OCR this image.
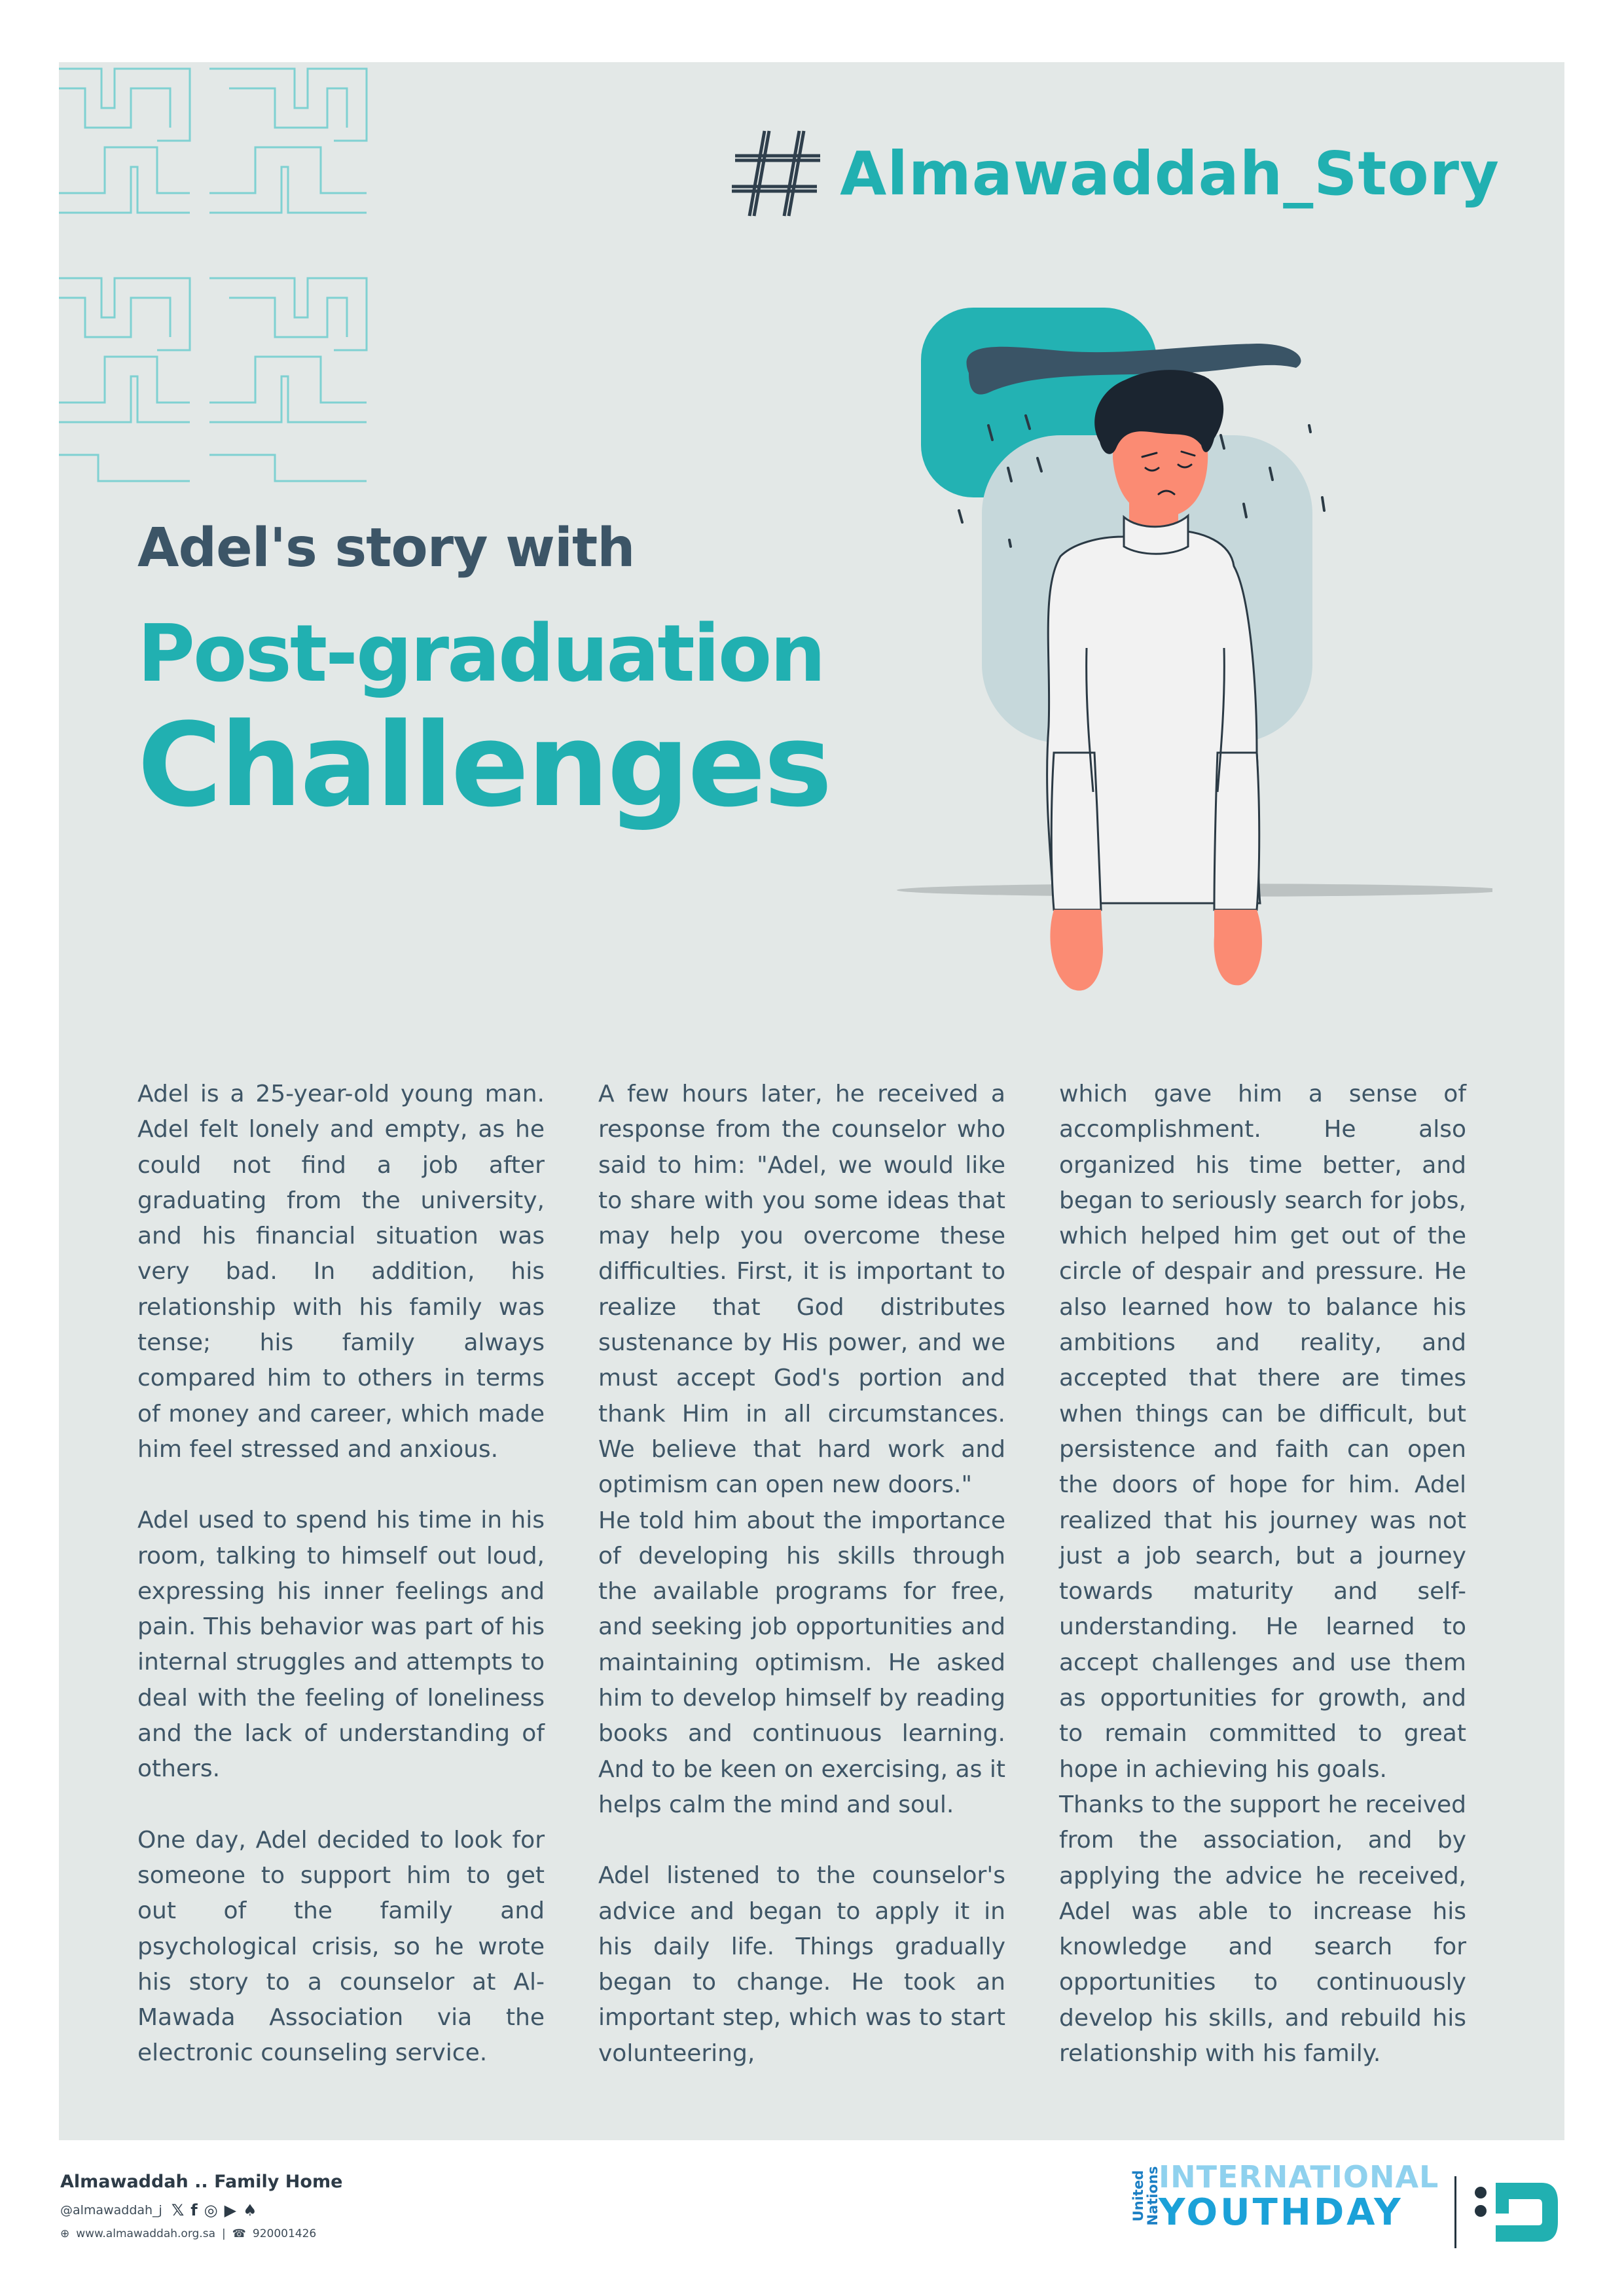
Almawaddah_Story

Adel's story with

Post-graduation

Challenges

Adel is a 25-year-old young man. Adel felt lonely and empty, as he could not find a job after graduating from the university, and his financial situation was very bad. In addition, his relationship with his family was tense; his family always compared him to others in terms of money and career, which made him feel stressed and anxious.

Adel used to spend his time in his room, talking to himself out loud, expressing his inner feelings and pain. This behavior was part of his internal struggles and attempts to deal with the feeling of loneliness and the lack of understanding of others.

One day, Adel decided to look for someone to support him to get out of the family and psychological crisis, so he wrote his story to a counselor at Al-Mawada Association via the electronic counseling service.

A few hours later, he received a response from the counselor who said to him: "Adel, we would like to share with you some ideas that may help you overcome these difficulties. First, it is important to realize that God distributes sustenance by His power, and we must accept God's portion and thank Him in all circumstances. We believe that hard work and optimism can open new doors."

He told him about the importance of developing his skills through the available programs for free, and seeking job opportunities and maintaining optimism. He asked him to develop himself by reading books and continuous learning. And to be keen on exercising, as it helps calm the mind and soul.

Adel listened to the counselor's advice and began to apply it in his daily life. Things gradually began to change. He took an important step, which was to start volunteering,

which gave him a sense of accomplishment. He also organized his time better, and began to seriously search for jobs, which helped him get out of the circle of despair and pressure. He also learned how to balance his ambitions and reality, and accepted that there are times when things can be difficult, but persistence and faith can open the doors of hope for him. Adel realized that his journey was not just a job search, but a journey towards maturity and self-understanding. He learned to accept challenges and use them as opportunities for growth, and to remain committed to great hope in achieving his goals.

Thanks to the support he received from the association, and by applying the advice he received, Adel was able to increase his knowledge and search for opportunities to continuously develop his skills, and rebuild his relationship with his family.

Almawaddah .. Family Home
@almawaddah_j 𝕏 f ◎ ▶ ♠
⊕ www.almawaddah.org.sa | ☎ 920001426
United
Nations
INTERNATIONAL
YOUTHDAY
